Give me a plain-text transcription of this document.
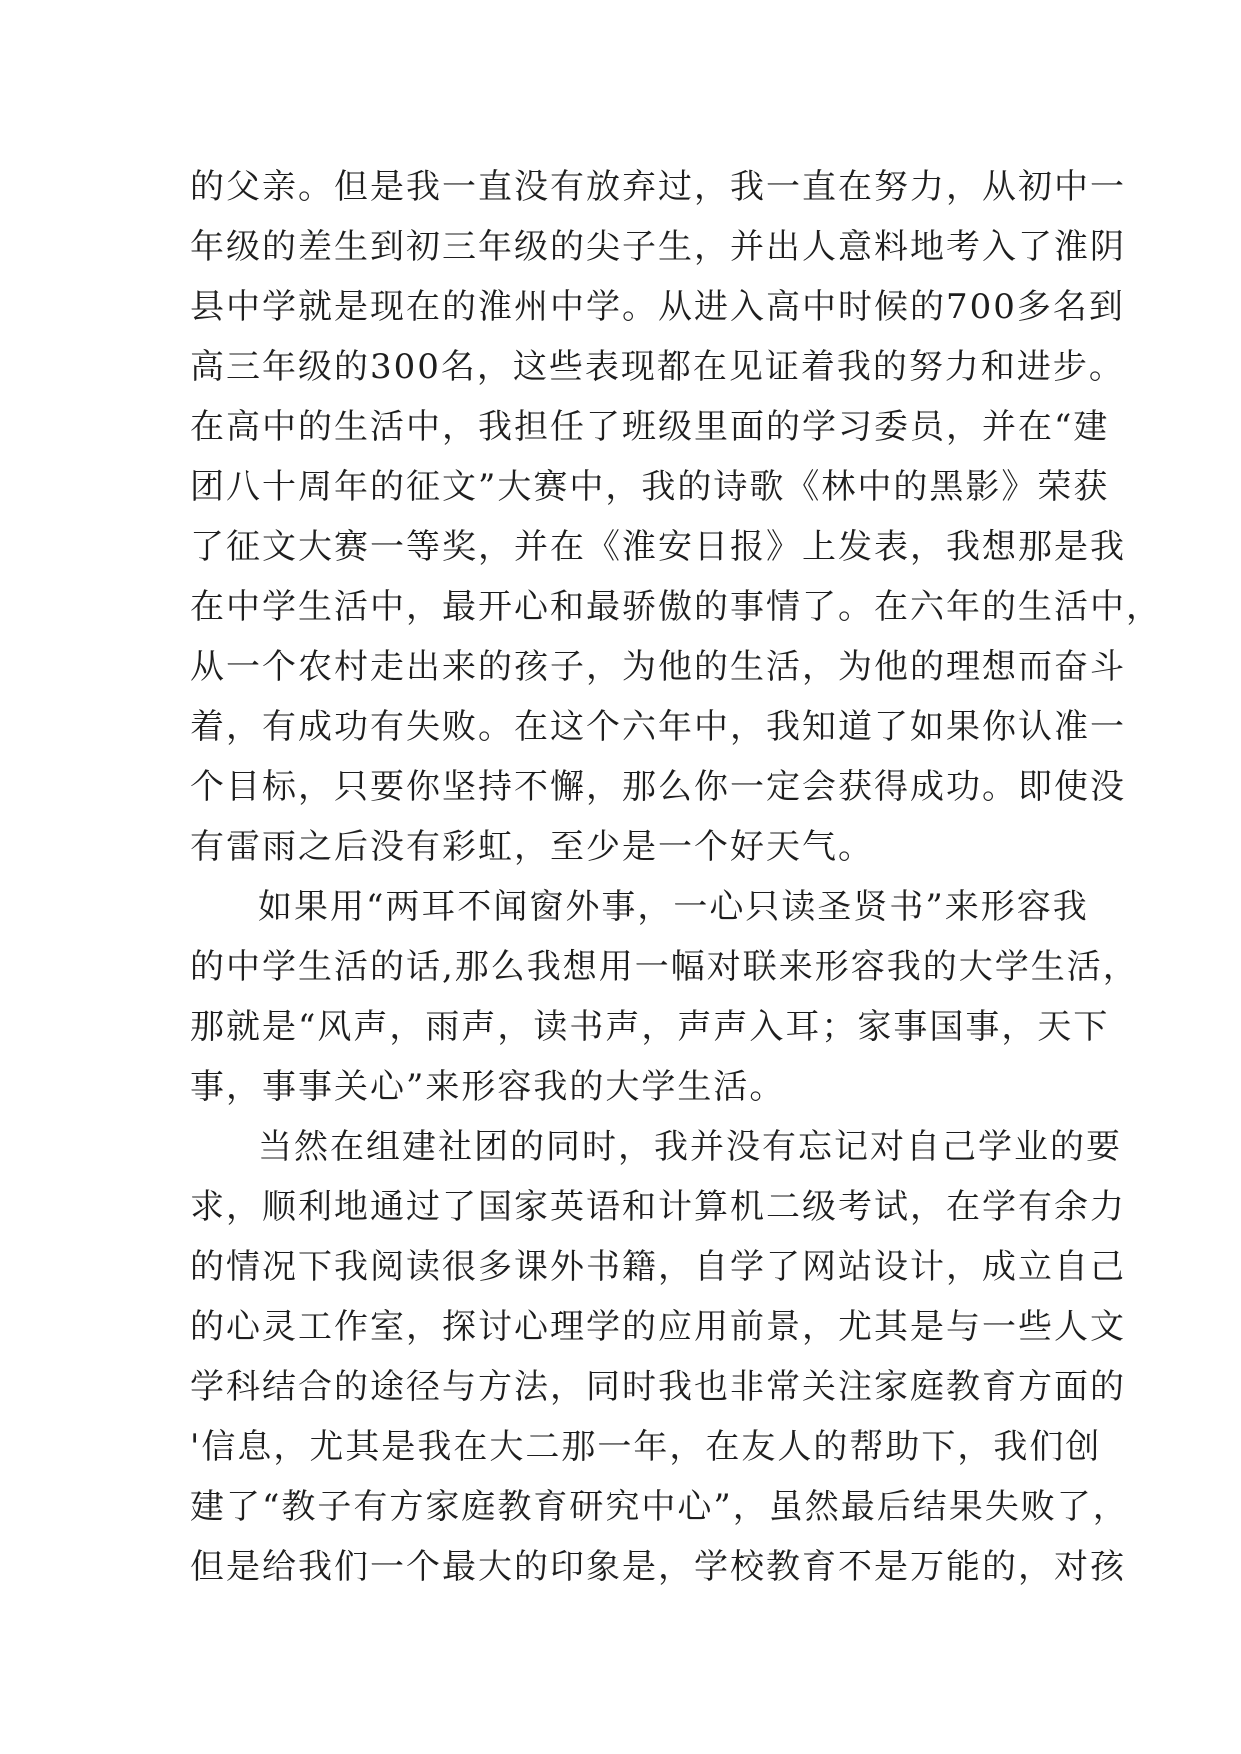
的父亲。但是我一直没有放弃过，我一直在努力，从初中一
年级的差生到初三年级的尖子生，并出人意料地考入了淮阴
县中学就是现在的淮州中学。从进入高中时候的700多名到
高三年级的300名，这些表现都在见证着我的努力和进步。
在高中的生活中，我担任了班级里面的学习委员，并在“建
团八十周年的征文”大赛中，我的诗歌《林中的黑影》荣获
了征文大赛一等奖，并在《淮安日报》上发表，我想那是我
在中学生活中，最开心和最骄傲的事情了。在六年的生活中，
从一个农村走出来的孩子，为他的生活，为他的理想而奋斗
着，有成功有失败。在这个六年中，我知道了如果你认准一
个目标，只要你坚持不懈，那么你一定会获得成功。即使没
有雷雨之后没有彩虹，至少是一个好天气。
如果用“两耳不闻窗外事，一心只读圣贤书”来形容我
的中学生活的话,那么我想用一幅对联来形容我的大学生活，
那就是“风声，雨声，读书声，声声入耳；家事国事，天下
事，事事关心”来形容我的大学生活。
当然在组建社团的同时，我并没有忘记对自己学业的要
求，顺利地通过了国家英语和计算机二级考试，在学有余力
的情况下我阅读很多课外书籍，自学了网站设计，成立自己
的心灵工作室，探讨心理学的应用前景，尤其是与一些人文
学科结合的途径与方法，同时我也非常关注家庭教育方面的
'信息，尤其是我在大二那一年，在友人的帮助下，我们创
建了“教子有方家庭教育研究中心”，虽然最后结果失败了，
但是给我们一个最大的印象是，学校教育不是万能的，对孩
